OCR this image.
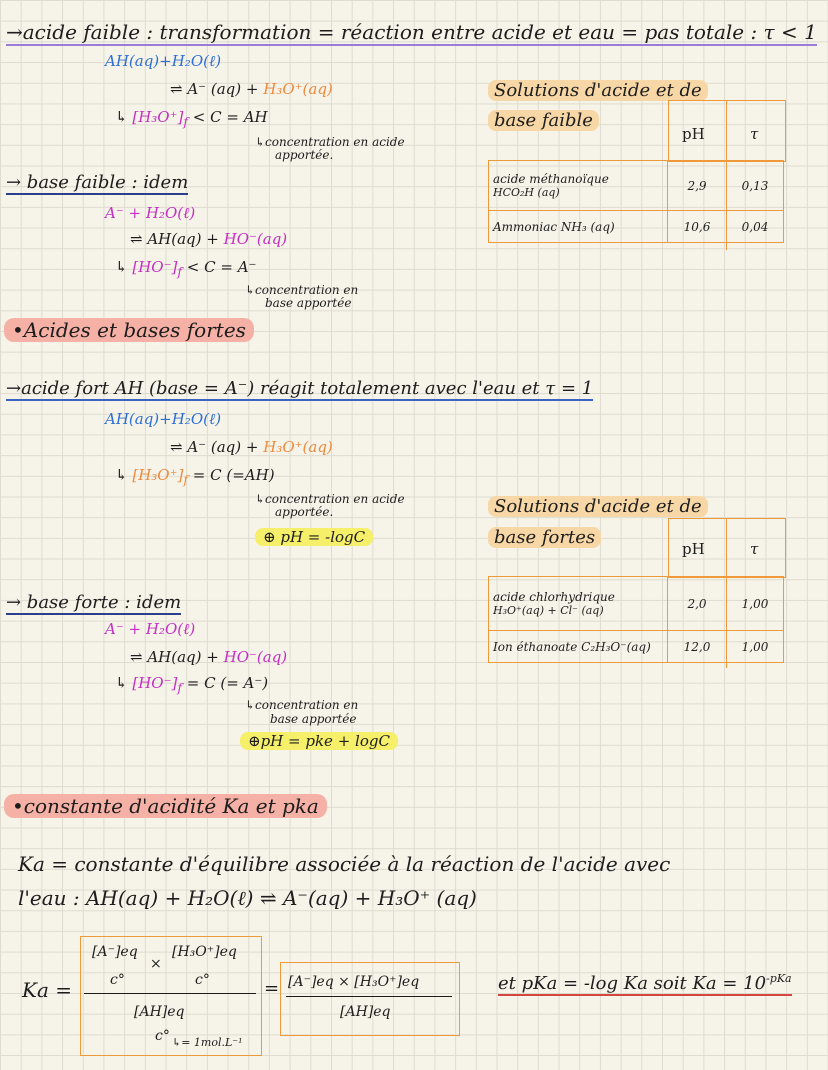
→acide faible : transformation = réaction entre acide et eau = pas totale : τ < 1
AH(aq)+H₂O(ℓ)
⇌ A⁻ (aq) + H₃O⁺(aq)
↳ $[H_3O^+]_f < C$ = AH
↳concentration en acide
apportée.
→ base faible : idem
A⁻ + H₂O(ℓ)
⇌ AH(aq) + HO⁻(aq)
↳ $[HO^-]_f < C = A^-$
↳concentration en
base apportée
Solutions d'acide et de
base faible
pH	τ
acide méthanoïque
HCO₂H (aq)	2,9	0,13
Ammoniac NH₃ (aq)	10,6	0,04
•Acides et bases fortes
→acide fort AH (base = A⁻) réagit totalement avec l'eau et τ = 1
AH(aq)+H₂O(ℓ)
⇌ A⁻ (aq) + H₃O⁺(aq)
↳ $[H_3O^+]_f = C$ (=AH)
↳concentration en acide
apportée.
⊕ pH = -logC
→ base forte : idem
A⁻ + H₂O(ℓ)
⇌ AH(aq) + HO⁻(aq)
↳ $[HO^-]_f = C$ (= A⁻)
↳concentration en
base apportée
⊕pH = pke + logC
Solutions d'acide et de
base fortes
pH	τ
acide chlorhydrique
H₃O⁺(aq) + Cl⁻ (aq)	2,0	1,00
Ion éthanoate C₂H₃O⁻(aq)	12,0	1,00
•constante d'acidité Ka et pka
Ka = constante d'équilibre associée à la réaction de l'acide avec
l'eau : AH(aq) + H₂O(ℓ) ⇌ A⁻(aq) + H₃O⁺ (aq)
Ka =
[A⁻]eq
×
[H₃O⁺]eq
c°	c°
[AH]eq
c° ↳= 1mol.L⁻¹
= [A⁻]eq × [H₃O⁺]eq
[AH]eq
et pKa = -log Ka soit $Ka = 10^{-pKa}$
